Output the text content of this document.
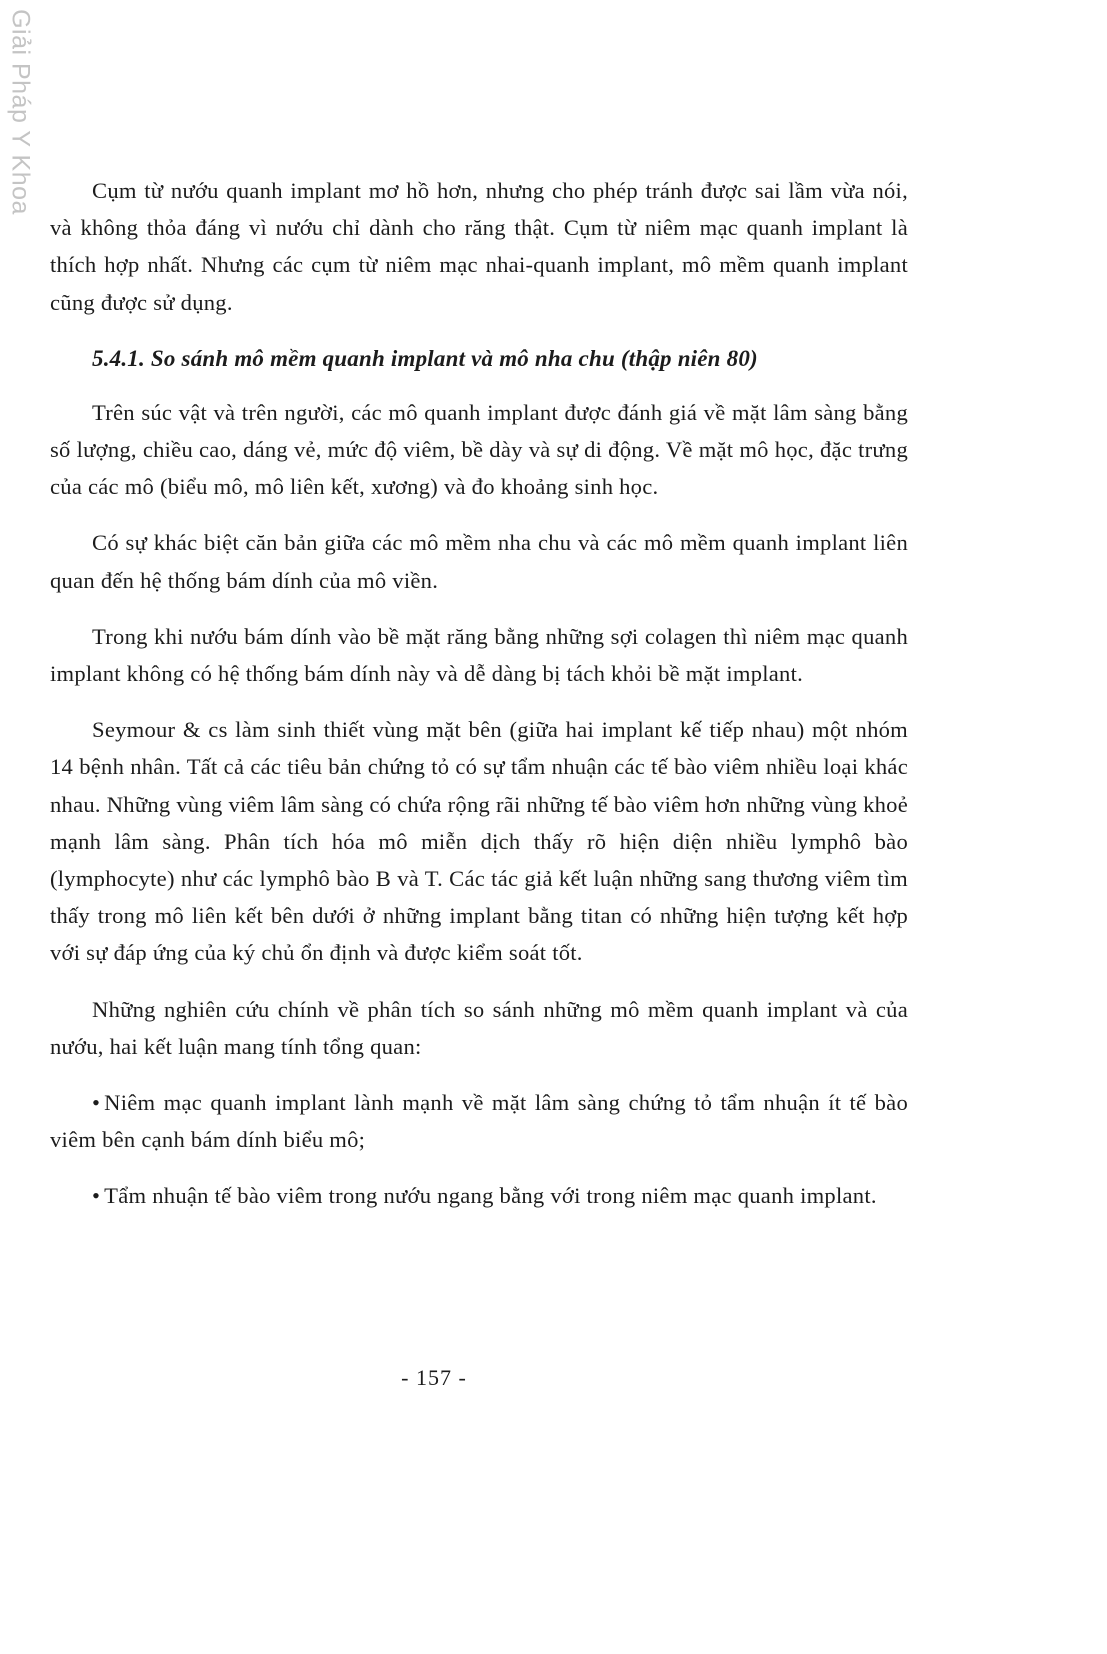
Giải Pháp Y Khoa	Cụm từ nướu quanh implant mơ hồ hơn, nhưng cho phép tránh được sai lầm vừa nói, và không thỏa đáng vì nướu chỉ dành cho răng thật. Cụm từ niêm mạc quanh implant là thích hợp nhất. Nhưng các cụm từ niêm mạc nhai-quanh implant, mô mềm quanh implant cũng được sử dụng.

5.4.1. So sánh mô mềm quanh implant và mô nha chu (thập niên 80)

Trên súc vật và trên người, các mô quanh implant được đánh giá về mặt lâm sàng bằng số lượng, chiều cao, dáng vẻ, mức độ viêm, bề dày và sự di động. Về mặt mô học, đặc trưng của các mô (biểu mô, mô liên kết, xương) và đo khoảng sinh học.

Có sự khác biệt căn bản giữa các mô mềm nha chu và các mô mềm quanh implant liên quan đến hệ thống bám dính của mô viền.

Trong khi nướu bám dính vào bề mặt răng bằng những sợi colagen thì niêm mạc quanh implant không có hệ thống bám dính này và dễ dàng bị tách khỏi bề mặt implant.

Seymour & cs làm sinh thiết vùng mặt bên (giữa hai implant kế tiếp nhau) một nhóm 14 bệnh nhân. Tất cả các tiêu bản chứng tỏ có sự tẩm nhuận các tế bào viêm nhiều loại khác nhau. Những vùng viêm lâm sàng có chứa rộng rãi những tế bào viêm hơn những vùng khoẻ mạnh lâm sàng. Phân tích hóa mô miễn dịch thấy rõ hiện diện nhiều lymphô bào (lymphocyte) như các lymphô bào B và T. Các tác giả kết luận những sang thương viêm tìm thấy trong mô liên kết bên dưới ở những implant bằng titan có những hiện tượng kết hợp với sự đáp ứng của ký chủ ổn định và được kiểm soát tốt.

Những nghiên cứu chính về phân tích so sánh những mô mềm quanh implant và của nướu, hai kết luận mang tính tổng quan:

• Niêm mạc quanh implant lành mạnh về mặt lâm sàng chứng tỏ tẩm nhuận ít tế bào viêm bên cạnh bám dính biểu mô;

• Tẩm nhuận tế bào viêm trong nướu ngang bằng với trong niêm mạc quanh implant.

- 157 -
